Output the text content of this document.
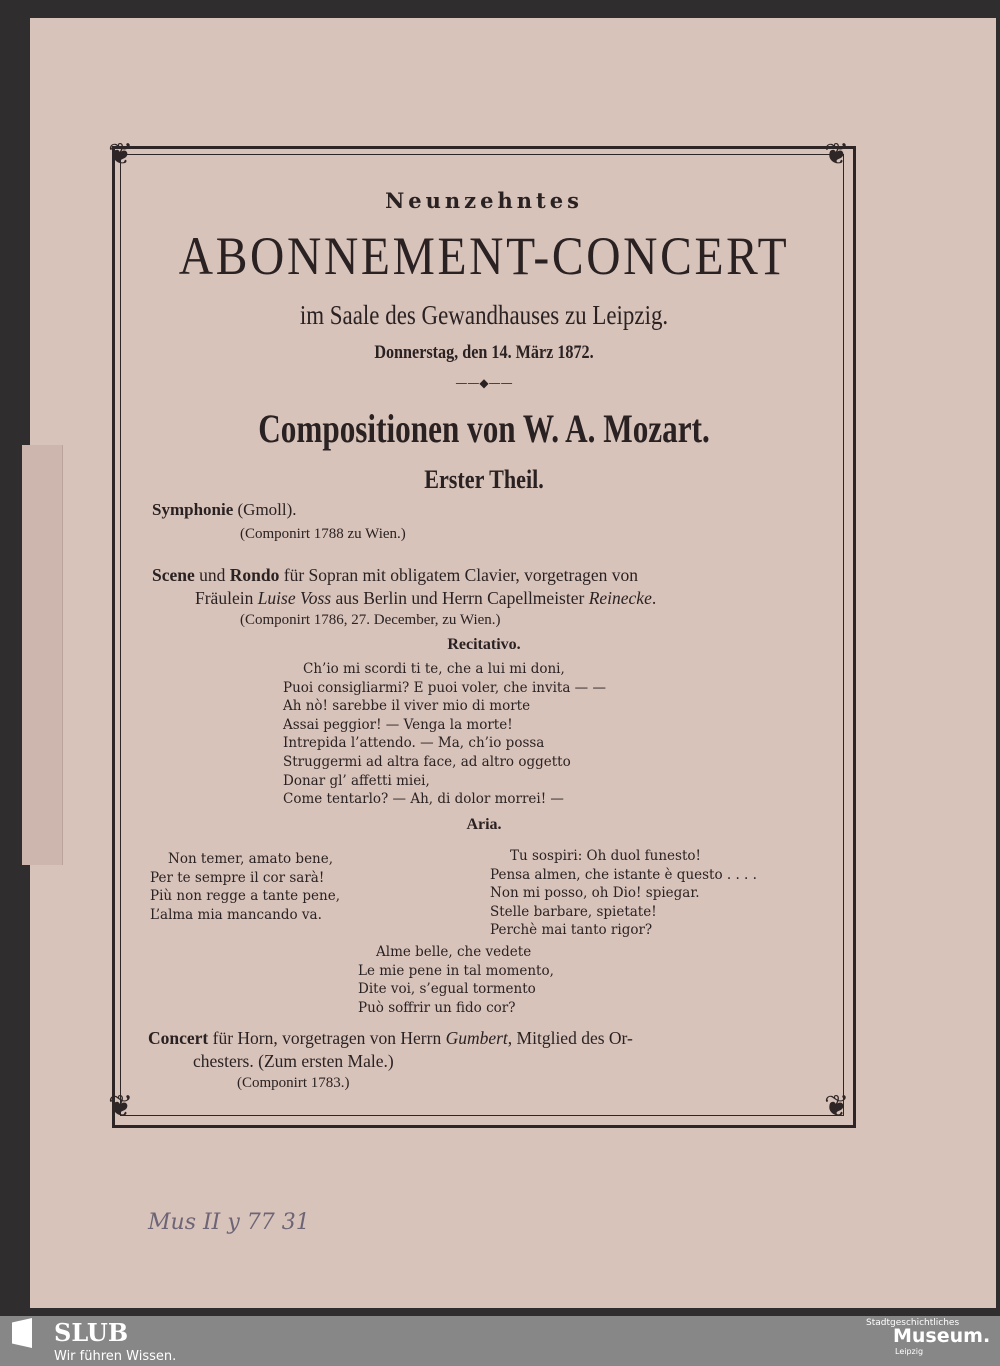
❦	❦
❦	❦
Neunzehntes
ABONNEMENT-CONCERT
im Saale des Gewandhauses zu Leipzig.
Donnerstag, den 14. März 1872.
——◆——
Compositionen von W. A. Mozart.
Erster Theil.
Symphonie (Gmoll).
(Componirt 1788 zu Wien.)
Scene und Rondo für Sopran mit obligatem Clavier, vorgetragen von
Fräulein Luise Voss aus Berlin und Herrn Capellmeister Reinecke.
(Componirt 1786, 27. December, zu Wien.)
Recitativo.
Ch’io mi scordi ti te, che a lui mi doni,
Puoi consigliarmi? E puoi voler, che invita — —
Ah nò! sarebbe il viver mio di morte
Assai peggior! — Venga la morte!
Intrepida l’attendo. — Ma, ch’io possa
Struggermi ad altra face, ad altro oggetto
Donar gl’ affetti miei,
Come tentarlo? — Ah, di dolor morrei! —
Aria.
Non temer, amato bene,
Per te sempre il cor sarà!
Più non regge a tante pene,
L’alma mia mancando va.
Tu sospiri: Oh duol funesto!
Pensa almen, che istante è questo . . . .
Non mi posso, oh Dio! spiegar.
Stelle barbare, spietate!
Perchè mai tanto rigor?
Alme belle, che vedete
Le mie pene in tal momento,
Dite voi, s’egual tormento
Può soffrir un fido cor?
Concert für Horn, vorgetragen von Herrn Gumbert, Mitglied des Or-
chesters. (Zum ersten Male.)
(Componirt 1783.)
Mus II y 77 31
SLUB
Wir führen Wissen.
Stadtgeschichtliches
Museum.
Leipzig
